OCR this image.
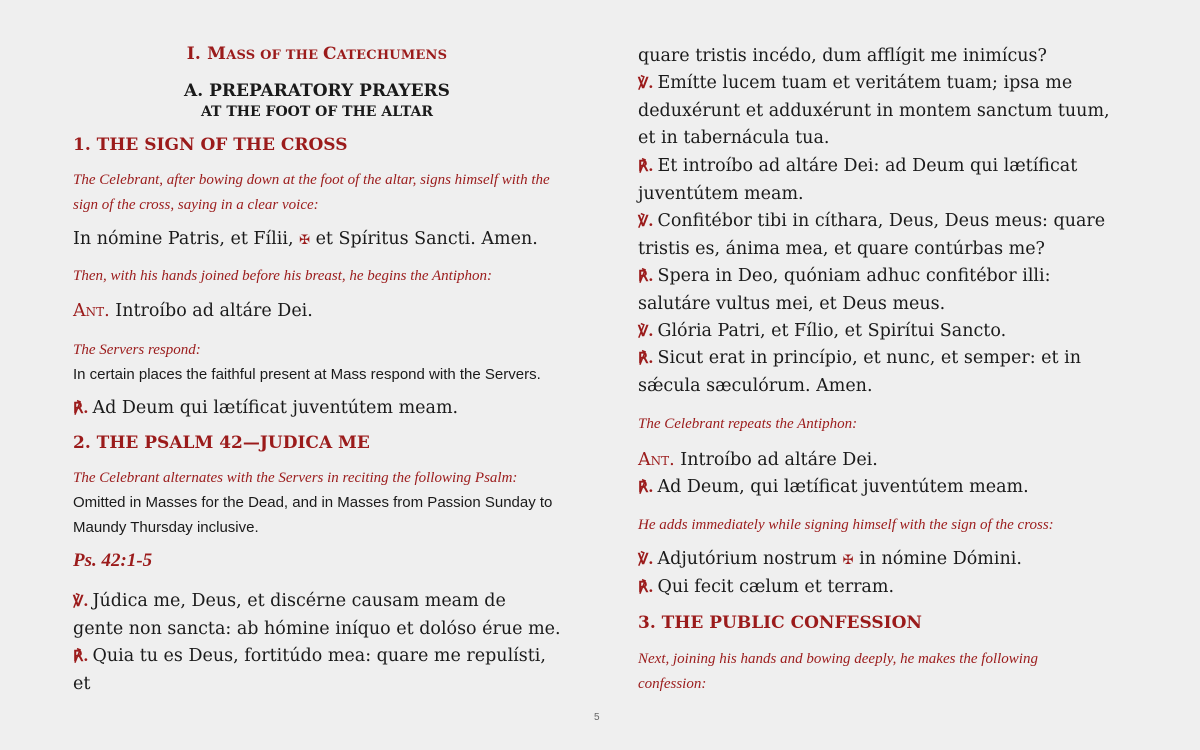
I. MASS OF THE CATECHUMENS
A. PREPARATORY PRAYERS
AT THE FOOT OF THE ALTAR
1. THE SIGN OF THE CROSS
The Celebrant, after bowing down at the foot of the altar, signs himself with the sign of the cross, saying in a clear voice:
In nómine Patris, et Fílii, ✠ et Spíritus Sancti. Amen.
Then, with his hands joined before his breast, he begins the Antiphon:
Ant. Introíbo ad altáre Dei.
The Servers respond:
In certain places the faithful present at Mass respond with the Servers.
℟. Ad Deum qui lætíficat juventútem meam.
2. THE PSALM 42—JUDICA ME
The Celebrant alternates with the Servers in reciting the following Psalm:
Omitted in Masses for the Dead, and in Masses from Passion Sunday to Maundy Thursday inclusive.
Ps. 42:1-5
℣. Júdica me, Deus, et discérne causam meam de gente non sancta: ab hómine iníquo et dolóso érue me.
℟. Quia tu es Deus, fortitúdo mea: quare me repulísti, et
quare tristis incédo, dum afflígit me inimícus?
℣. Emítte lucem tuam et veritátem tuam; ipsa me deduxérunt et adduxérunt in montem sanctum tuum, et in tabernácula tua.
℟. Et introíbo ad altáre Dei: ad Deum qui lætíficat juventútem meam.
℣. Confitébor tibi in cíthara, Deus, Deus meus: quare tristis es, ánima mea, et quare contúrbas me?
℟. Spera in Deo, quóniam adhuc confitébor illi: salutáre vultus mei, et Deus meus.
℣. Glória Patri, et Fílio, et Spirítui Sancto.
℟. Sicut erat in princípio, et nunc, et semper: et in sǽcula sæculórum. Amen.
The Celebrant repeats the Antiphon:
Ant. Introíbo ad altáre Dei.
℟. Ad Deum, qui lætíficat juventútem meam.
He adds immediately while signing himself with the sign of the cross:
℣. Adjutórium nostrum ✠ in nómine Dómini.
℟. Qui fecit cælum et terram.
3. THE PUBLIC CONFESSION
Next, joining his hands and bowing deeply, he makes the following confession:
5
